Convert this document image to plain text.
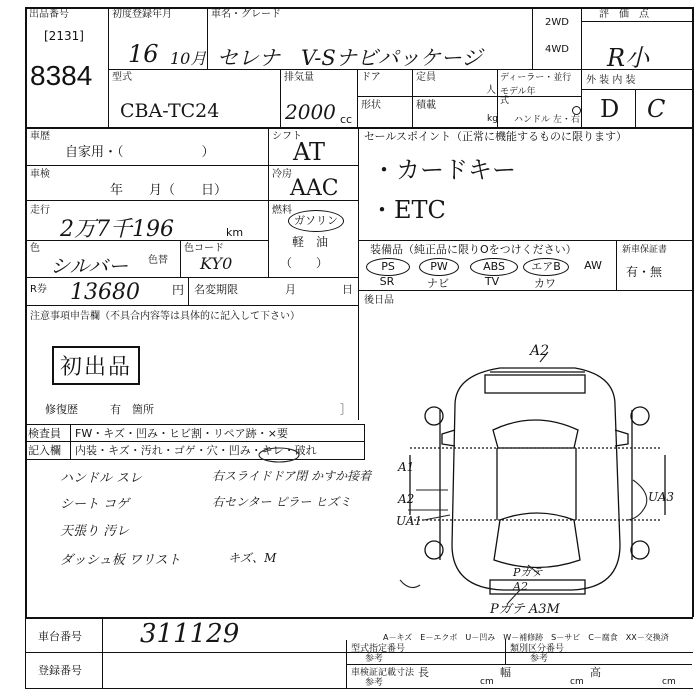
出品番号
[2131]
8384
初度登録年月	車名・グレード
2WD
4WD
評　価　点
16 10月 セレナ　V-Sナビパッケージ	R小
型式
CBA-TC24
排気量
2000 cc
ドア	定員
人
形状	積載
kg
ディーラー・並行
モデル年式
ハンドル 左・右
外 装 内 装
D C
車歴
自家用・（　　　　　　）
シフト
AT
車検
年　　月（　　日）
冷房
AAC
走行
2万7千196	km
燃料
ガソリン
軽　油
（　　）
色
シルバー 色替
色コード
KY0
R券 13680	円 名変期限	月	日
セールスポイント（正常に機能するものに限ります）
・カードキー
・ETC
装備品（純正品に限りOをつけください）	新車保証書
有・無
PS	PW	ABS	エアB	AW
SR	ナビ	TV	カワ
後日品
注意事項申告欄（不具合内容等は具体的に記入して下さい）
初出品
修復歴	有　箇所	］
検査員
記入欄
FW・キズ・凹み・ヒビ割・リペア跡・×要
内装・キズ・汚れ・ゴゲ・穴・凹み・キレ・破れ
ハンドル スレ
シート コゲ
天張り 汚レ
ダッシュ板 ワリスト
右スライドドア閉 かすか接着
右センター ピラー ヒズミ
キズ、M
A2
A1
A2
UA1
UA3
Pガテ A2
Pガテ A3M
A－キズ　E－エクボ　U－凹み　W－補修跡　S－サビ　C－腐食　XX－交換済
車台番号 311129
登録番号
型式指定番号
参考
類別区分番号
参考
車検証記載寸法
参考
長
cm
幅
cm
高
cm
